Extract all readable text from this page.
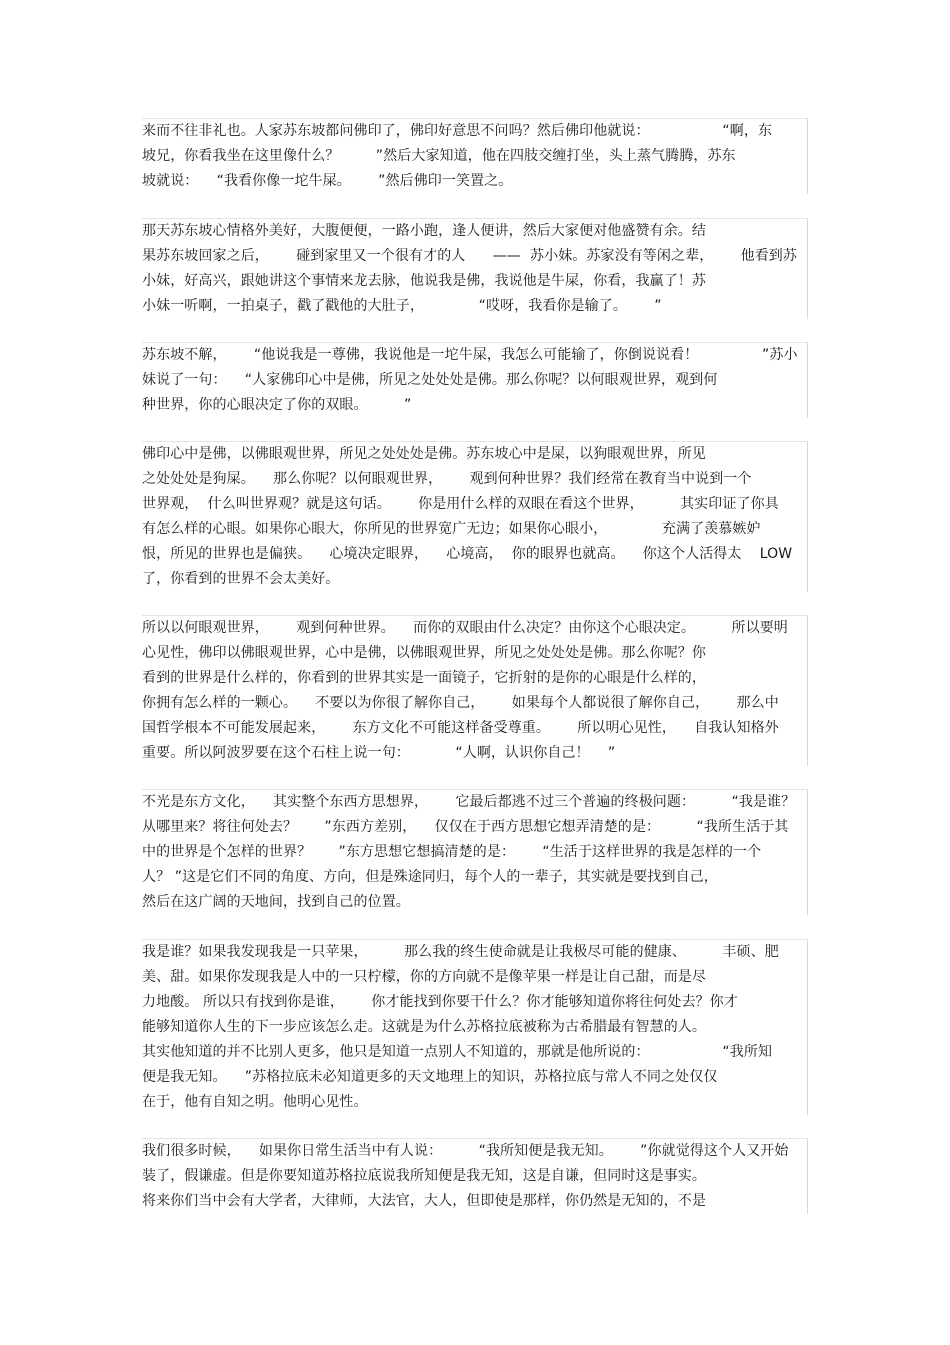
来而不往非礼也。人家苏东坡都问佛印了，佛印好意思不问吗？然后佛印他就说：                “啊，东
坡兄，你看我坐在这里像什么？        ”然后大家知道，他在四肢交缠打坐，头上蒸气腾腾，苏东
坡就说：    “我看你像一坨牛屎。      ”然后佛印一笑置之。
那天苏东坡心情格外美好，大腹便便，一路小跑，逢人便讲，然后大家便对他盛赞有余。结
果苏东坡回家之后，      碰到家里又一个很有才的人      ——  苏小妹。苏家没有等闲之辈，      他看到苏
小妹，好高兴，跟她讲这个事情来龙去脉，他说我是佛，我说他是牛屎，你看，我赢了！苏
小妹一听啊，一拍桌子，戳了戳他的大肚子，            “哎呀，我看你是输了。      ”
苏东坡不解，      “他说我是一尊佛，我说他是一坨牛屎，我怎么可能输了，你倒说说看！              ”苏小
妹说了一句：    “人家佛印心中是佛，所见之处处处是佛。那么你呢？以何眼观世界，观到何
种世界，你的心眼决定了你的双眼。        ”
佛印心中是佛，以佛眼观世界，所见之处处处是佛。苏东坡心中是屎，以狗眼观世界，所见
之处处处是狗屎。    那么你呢？以何眼观世界，      观到何种世界？我们经常在教育当中说到一个
世界观，  什么叫世界观？就是这句话。      你是用什么样的双眼在看这个世界，        其实印证了你具
有怎么样的心眼。如果你心眼大，你所见的世界宽广无边；如果你心眼小，            充满了羡慕嫉妒
恨，所见的世界也是偏狭。    心境决定眼界，    心境高，  你的眼界也就高。    你这个人活得太    LOW
了，你看到的世界不会太美好。
所以以何眼观世界，      观到何种世界。    而你的双眼由什么决定？由你这个心眼决定。        所以要明
心见性，佛印以佛眼观世界，心中是佛，以佛眼观世界，所见之处处处是佛。那么你呢？你
看到的世界是什么样的，你看到的世界其实是一面镜子，它折射的是你的心眼是什么样的，
你拥有怎么样的一颗心。    不要以为你很了解你自己，      如果每个人都说很了解你自己，      那么中
国哲学根本不可能发展起来，      东方文化不可能这样备受尊重。      所以明心见性，    自我认知格外
重要。所以阿波罗要在这个石柱上说一句：          “人啊，认识你自己！    ”
不光是东方文化，    其实整个东西方思想界，      它最后都逃不过三个普遍的终极问题：        “我是谁？
从哪里来？将往何处去？      ”东西方差别，    仅仅在于西方思想它想弄清楚的是：        “我所生活于其
中的世界是个怎样的世界？      ”东方思想它想搞清楚的是：      “生活于这样世界的我是怎样的一个
人？ ”这是它们不同的角度、方向，但是殊途同归，每个人的一辈子，其实就是要找到自己，
然后在这广阔的天地间，找到自己的位置。
我是谁？如果我发现我是一只苹果，        那么我的终生使命就是让我极尽可能的健康、        丰硕、肥
美、甜。如果你发现我是人中的一只柠檬，你的方向就不是像苹果一样是让自己甜，而是尽
力地酸。 所以只有找到你是谁，      你才能找到你要干什么？你才能够知道你将往何处去？你才
能够知道你人生的下一步应该怎么走。这就是为什么苏格拉底被称为古希腊最有智慧的人。
其实他知道的并不比别人更多，他只是知道一点别人不知道的，那就是他所说的：                “我所知
便是我无知。    ”苏格拉底未必知道更多的天文地理上的知识，苏格拉底与常人不同之处仅仅
在于，他有自知之明。他明心见性。
我们很多时候，    如果你日常生活当中有人说：        “我所知便是我无知。      ”你就觉得这个人又开始
装了，假谦虚。但是你要知道苏格拉底说我所知便是我无知，这是自谦，但同时这是事实。
将来你们当中会有大学者，大律师，大法官，大人，但即使是那样，你仍然是无知的，不是
